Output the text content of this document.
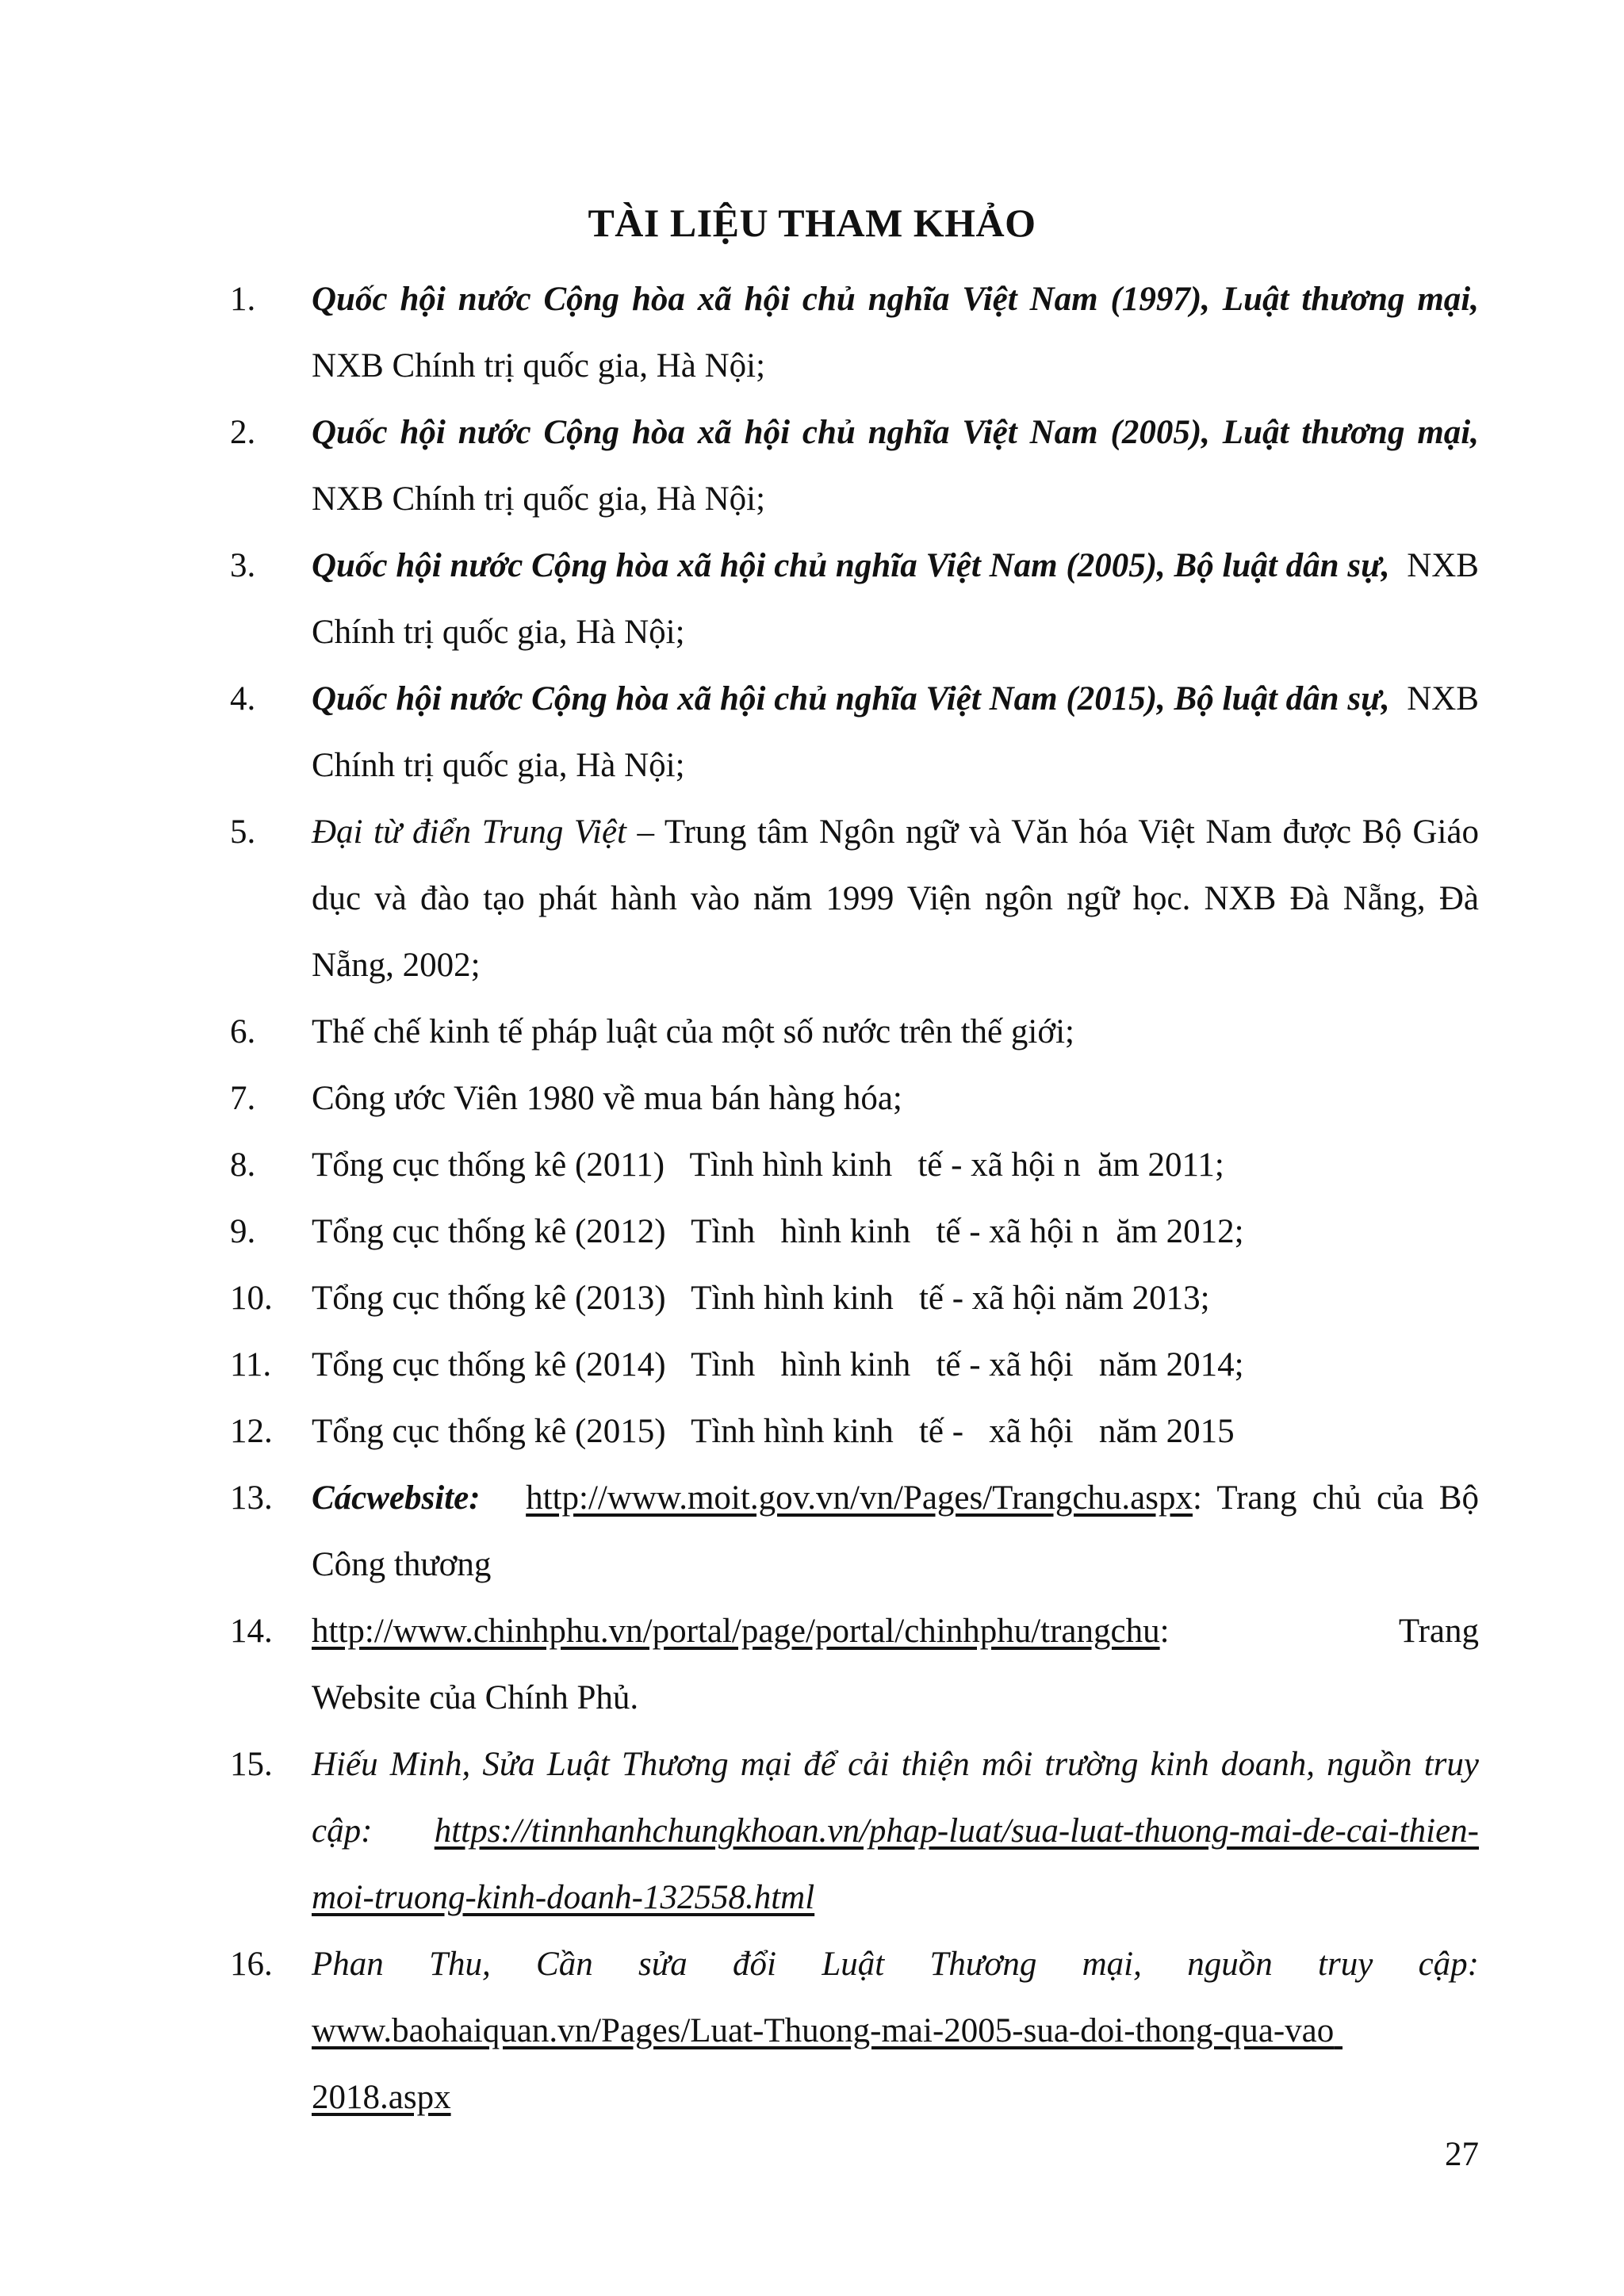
TÀI LIỆU THAM KHẢO
1. Quốc hội nước Cộng hòa xã hội chủ nghĩa Việt Nam (1997), Luật thương mại,  NXB Chính trị quốc gia, Hà Nội;
2. Quốc hội nước Cộng hòa xã hội chủ nghĩa Việt Nam (2005), Luật thương mại,  NXB Chính trị quốc gia, Hà Nội;
3. Quốc hội nước Cộng hòa xã hội chủ nghĩa Việt Nam (2005), Bộ luật dân sự,  NXB Chính trị quốc gia, Hà Nội;
4. Quốc hội nước Cộng hòa xã hội chủ nghĩa Việt Nam (2015), Bộ luật dân sự,  NXB Chính trị quốc gia, Hà Nội;
5. Đại từ điển Trung Việt – Trung tâm Ngôn ngữ và Văn hóa Việt Nam được Bộ Giáo dục và đào tạo phát hành vào năm 1999 Viện ngôn ngữ học. NXB Đà Nẵng, Đà Nẵng, 2002;
6. Thế chế kinh tế pháp luật của một số nước trên thế giới;
7. Công ước Viên 1980 về mua bán hàng hóa;
8. Tổng cục thống kê (2011)   Tình hình kinh   tế - xã hội n  ăm 2011;
9. Tổng cục thống kê (2012)   Tình   hình kinh   tế - xã hội n  ăm 2012;
10. Tổng cục thống kê (2013)   Tình hình kinh   tế - xã hội năm 2013;
11. Tổng cục thống kê (2014)   Tình   hình kinh   tế - xã hội   năm 2014;
12. Tổng cục thống kê (2015)   Tình hình kinh   tế -   xã hội   năm 2015
13. Cácwebsite: http://www.moit.gov.vn/vn/Pages/Trangchu.aspx: Trang chủ của Bộ Công thương
14. http://www.chinhphu.vn/portal/page/portal/chinhphu/trangchu:              Trang Website của Chính Phủ.
15. Hiếu Minh, Sửa Luật Thương mại để cải thiện môi trường kinh doanh, nguồn truy cập: https://tinnhanhchungkhoan.vn/phap-luat/sua-luat-thuong-mai-de-cai-thien-moi-truong-kinh-doanh-132558.html
16. Phan Thu, Cần sửa đổi Luật Thương mại, nguồn truy cập: www.baohaiquan.vn/Pages/Luat-Thuong-mai-2005-sua-doi-thong-qua-vao 2018.aspx
27
